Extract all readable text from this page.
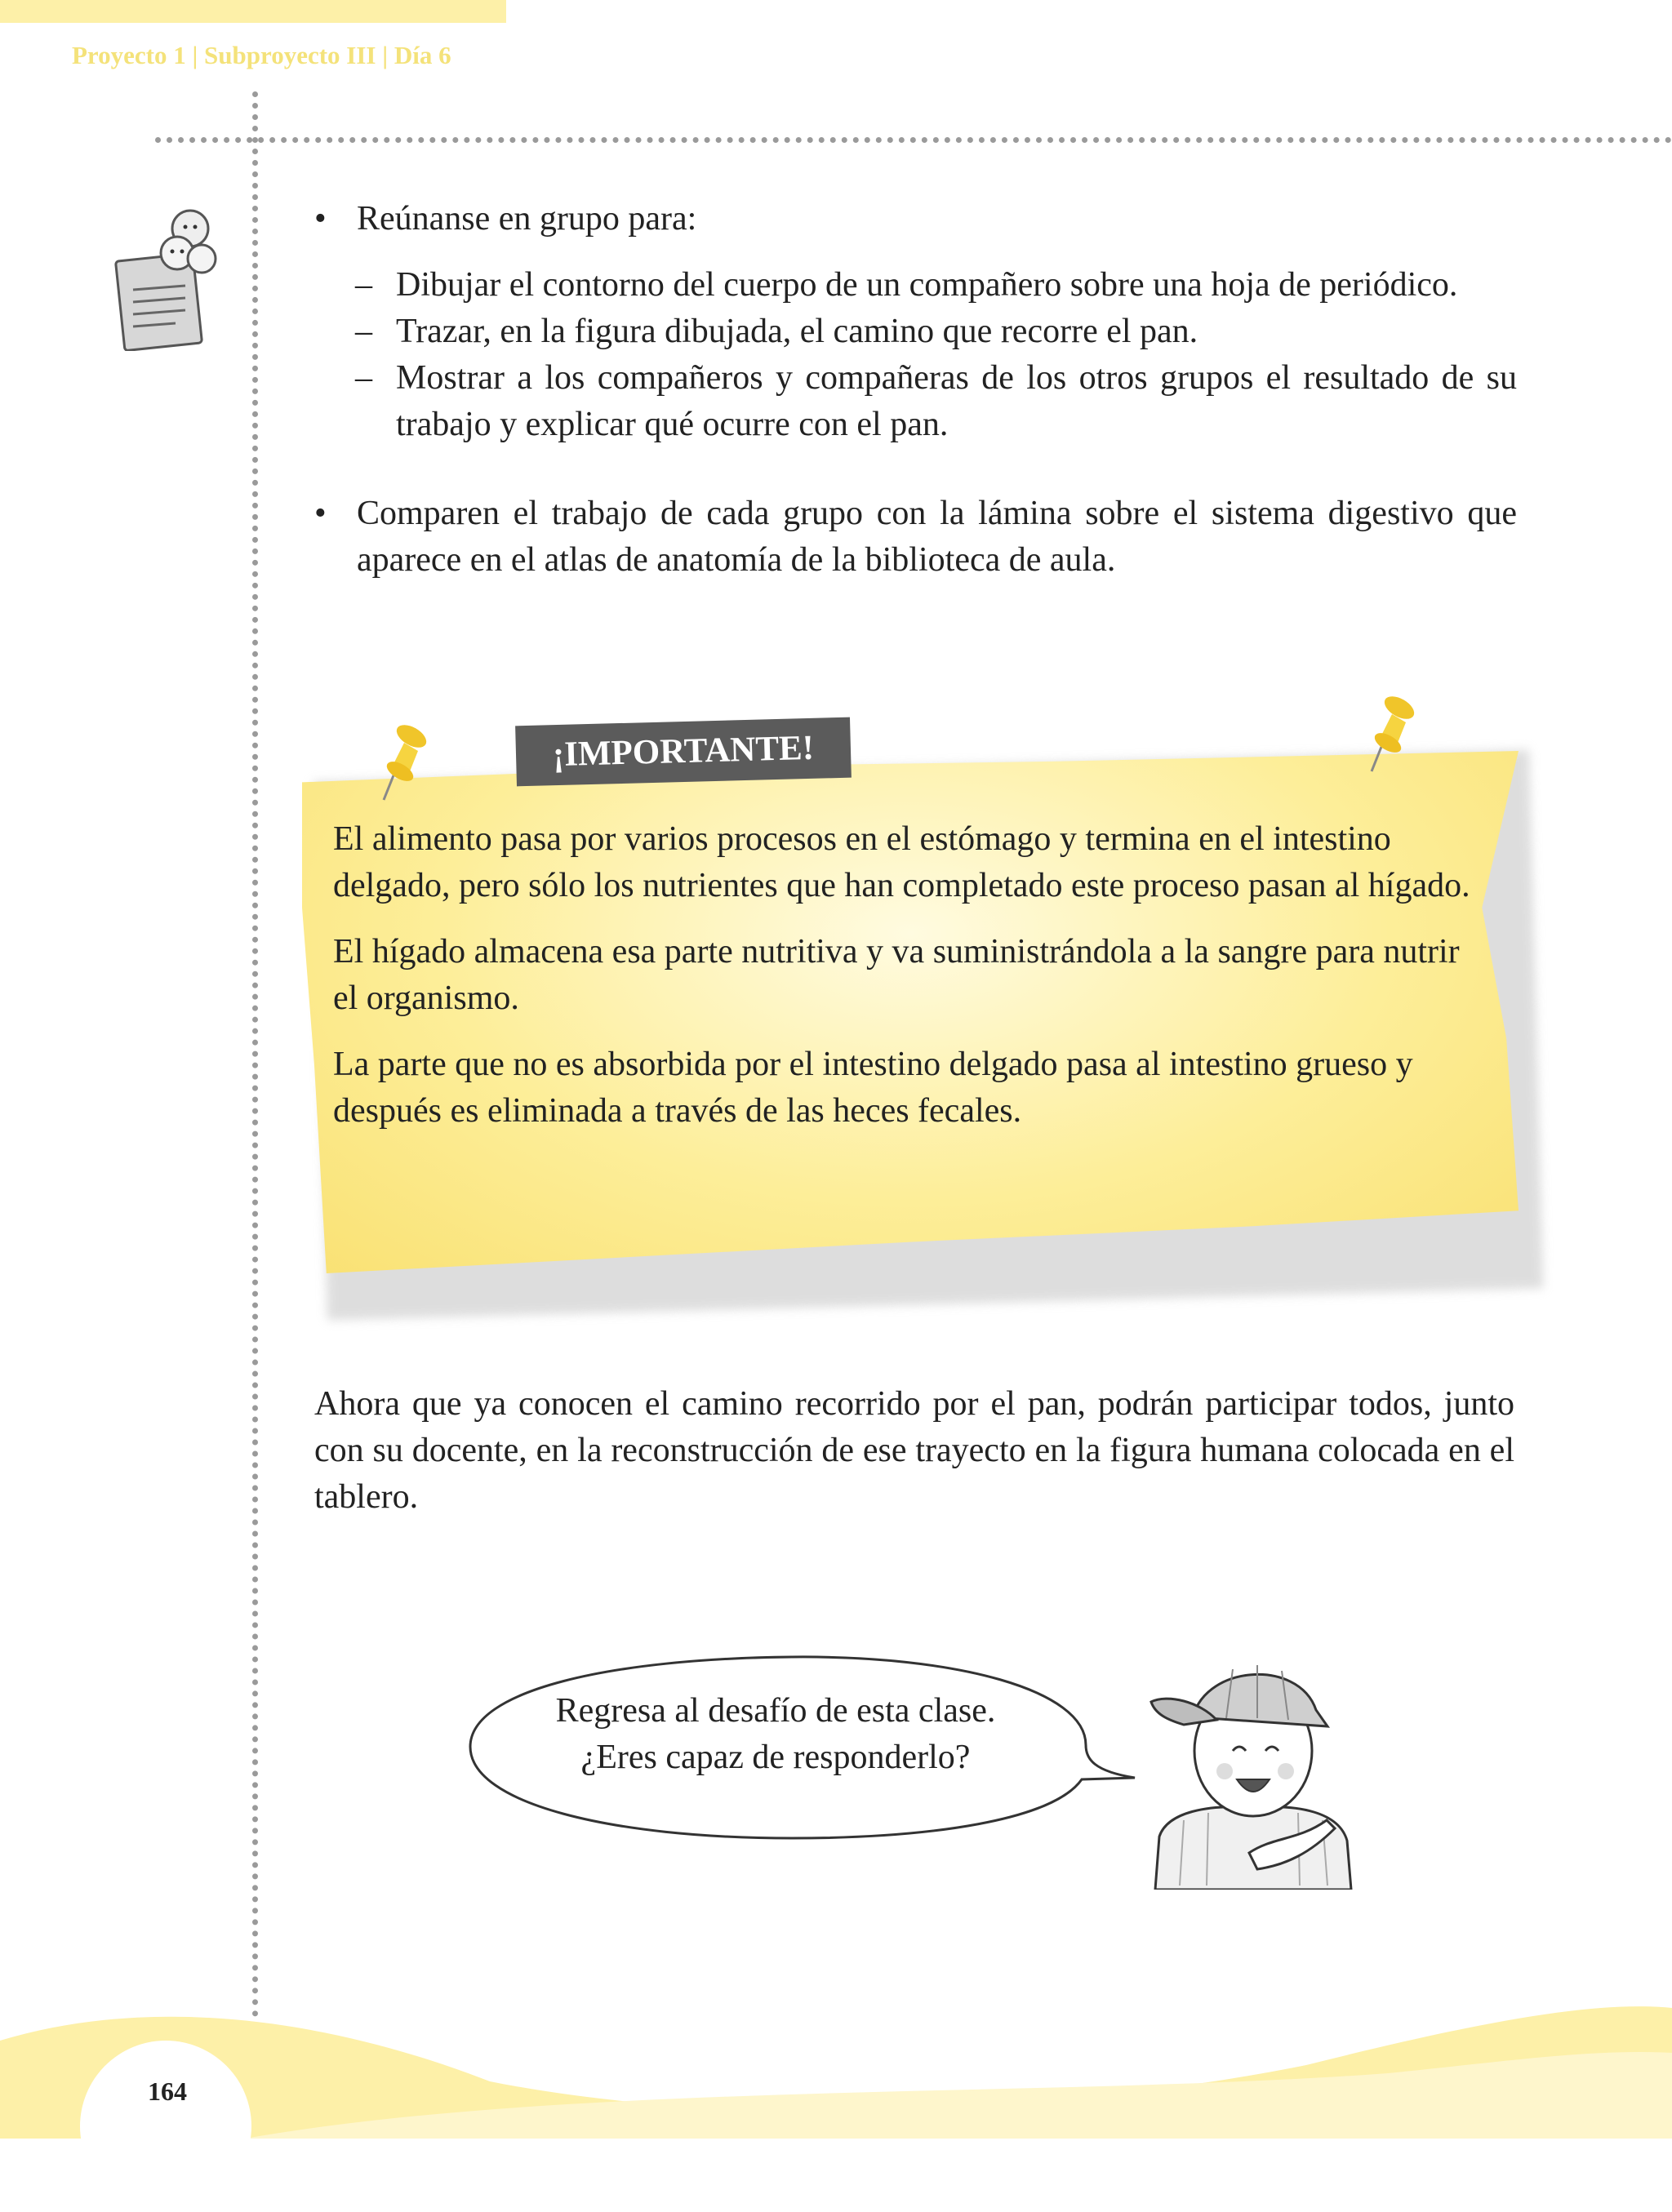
Proyecto 1 | Subproyecto III | Día 6
• Reúnanse en grupo para:
– Dibujar el contorno del cuerpo de un compañero sobre una hoja de periódico.
– Trazar, en la figura dibujada, el camino que recorre el pan.
– Mostrar a los compañeros y compañeras de los otros grupos el resultado de su trabajo y explicar qué ocurre con el pan.
• Comparen el trabajo de cada grupo con la lámina sobre el sistema digestivo que aparece en el atlas de anatomía de la biblioteca de aula.
¡IMPORTANTE!

El alimento pasa por varios procesos en el estómago y termina en el intestino delgado, pero sólo los nutrientes que han completado este proceso pasan al hígado.

El hígado almacena esa parte nutritiva y va suministrándola a la sangre para nutrir el organismo.

La parte que no es absorbida por el intestino delgado pasa al intestino grueso y después es eliminada a través de las heces fecales.

Ahora que ya conocen el camino recorrido por el pan, podrán participar todos, junto con su docente, en la reconstrucción de ese trayecto en la figura humana colocada en el tablero.
Regresa al desafío de esta clase.
¿Eres capaz de responderlo?
164
